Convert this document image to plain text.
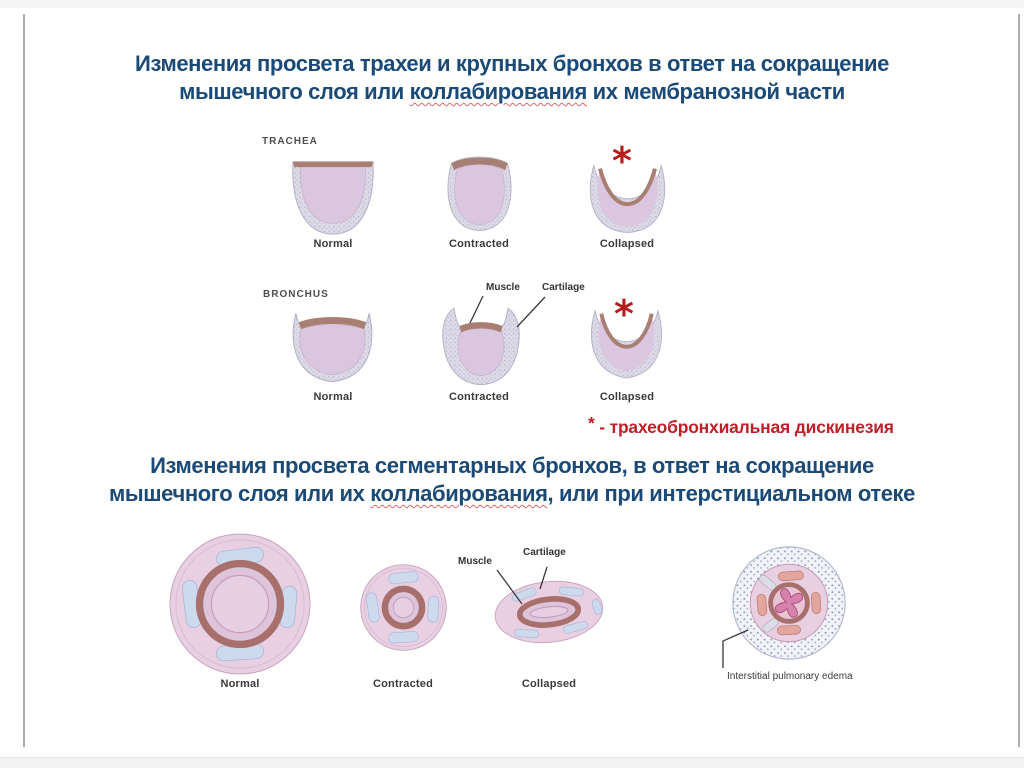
Изменения просвета трахеи и крупных бронхов в ответ на сокращение
мышечного слоя или коллабирования их мембранозной части
TRACHEA	*
Normal	Contracted	Collapsed
BRONCHUS
Muscle Cartilage
*
Normal	Contracted	Collapsed
* - трахеобронхиальная дискинезия
Изменения просвета сегментарных бронхов, в ответ на сокращение
мышечного слоя или их коллабирования, или при интерстициальном отеке
Muscle
Cartilage
Normal	Contracted	Collapsed
Interstitial pulmonary edema
